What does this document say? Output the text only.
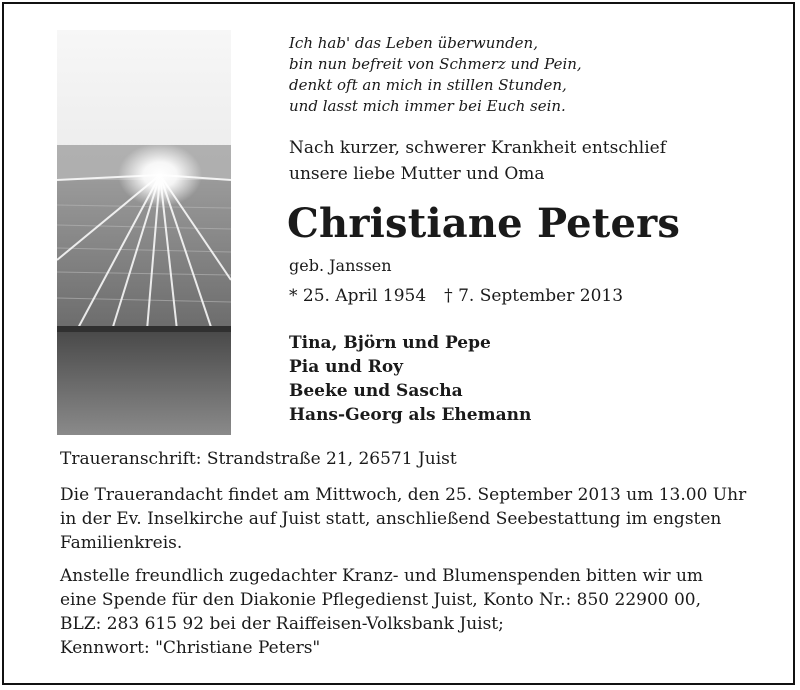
Ich hab' das Leben überwunden,
bin nun befreit von Schmerz und Pein,
denkt oft an mich in stillen Stunden,
und lasst mich immer bei Euch sein.
Nach kurzer, schwerer Krankheit entschlief
unsere liebe Mutter und Oma
Christiane Peters
geb. Janssen
* 25. April 1954 † 7. September 2013
Tina, Björn und Pepe
Pia und Roy
Beeke und Sascha
Hans-Georg als Ehemann
Traueranschrift: Strandstraße 21, 26571 Juist
Die Trauerandacht findet am Mittwoch, den 25. September 2013 um 13.00 Uhr
in der Ev. Inselkirche auf Juist statt, anschließend Seebestattung im engsten
Familienkreis.
Anstelle freundlich zugedachter Kranz- und Blumenspenden bitten wir um
eine Spende für den Diakonie Pflegedienst Juist, Konto Nr.: 850 22900 00,
BLZ: 283 615 92 bei der Raiffeisen-Volksbank Juist;
Kennwort: "Christiane Peters"
